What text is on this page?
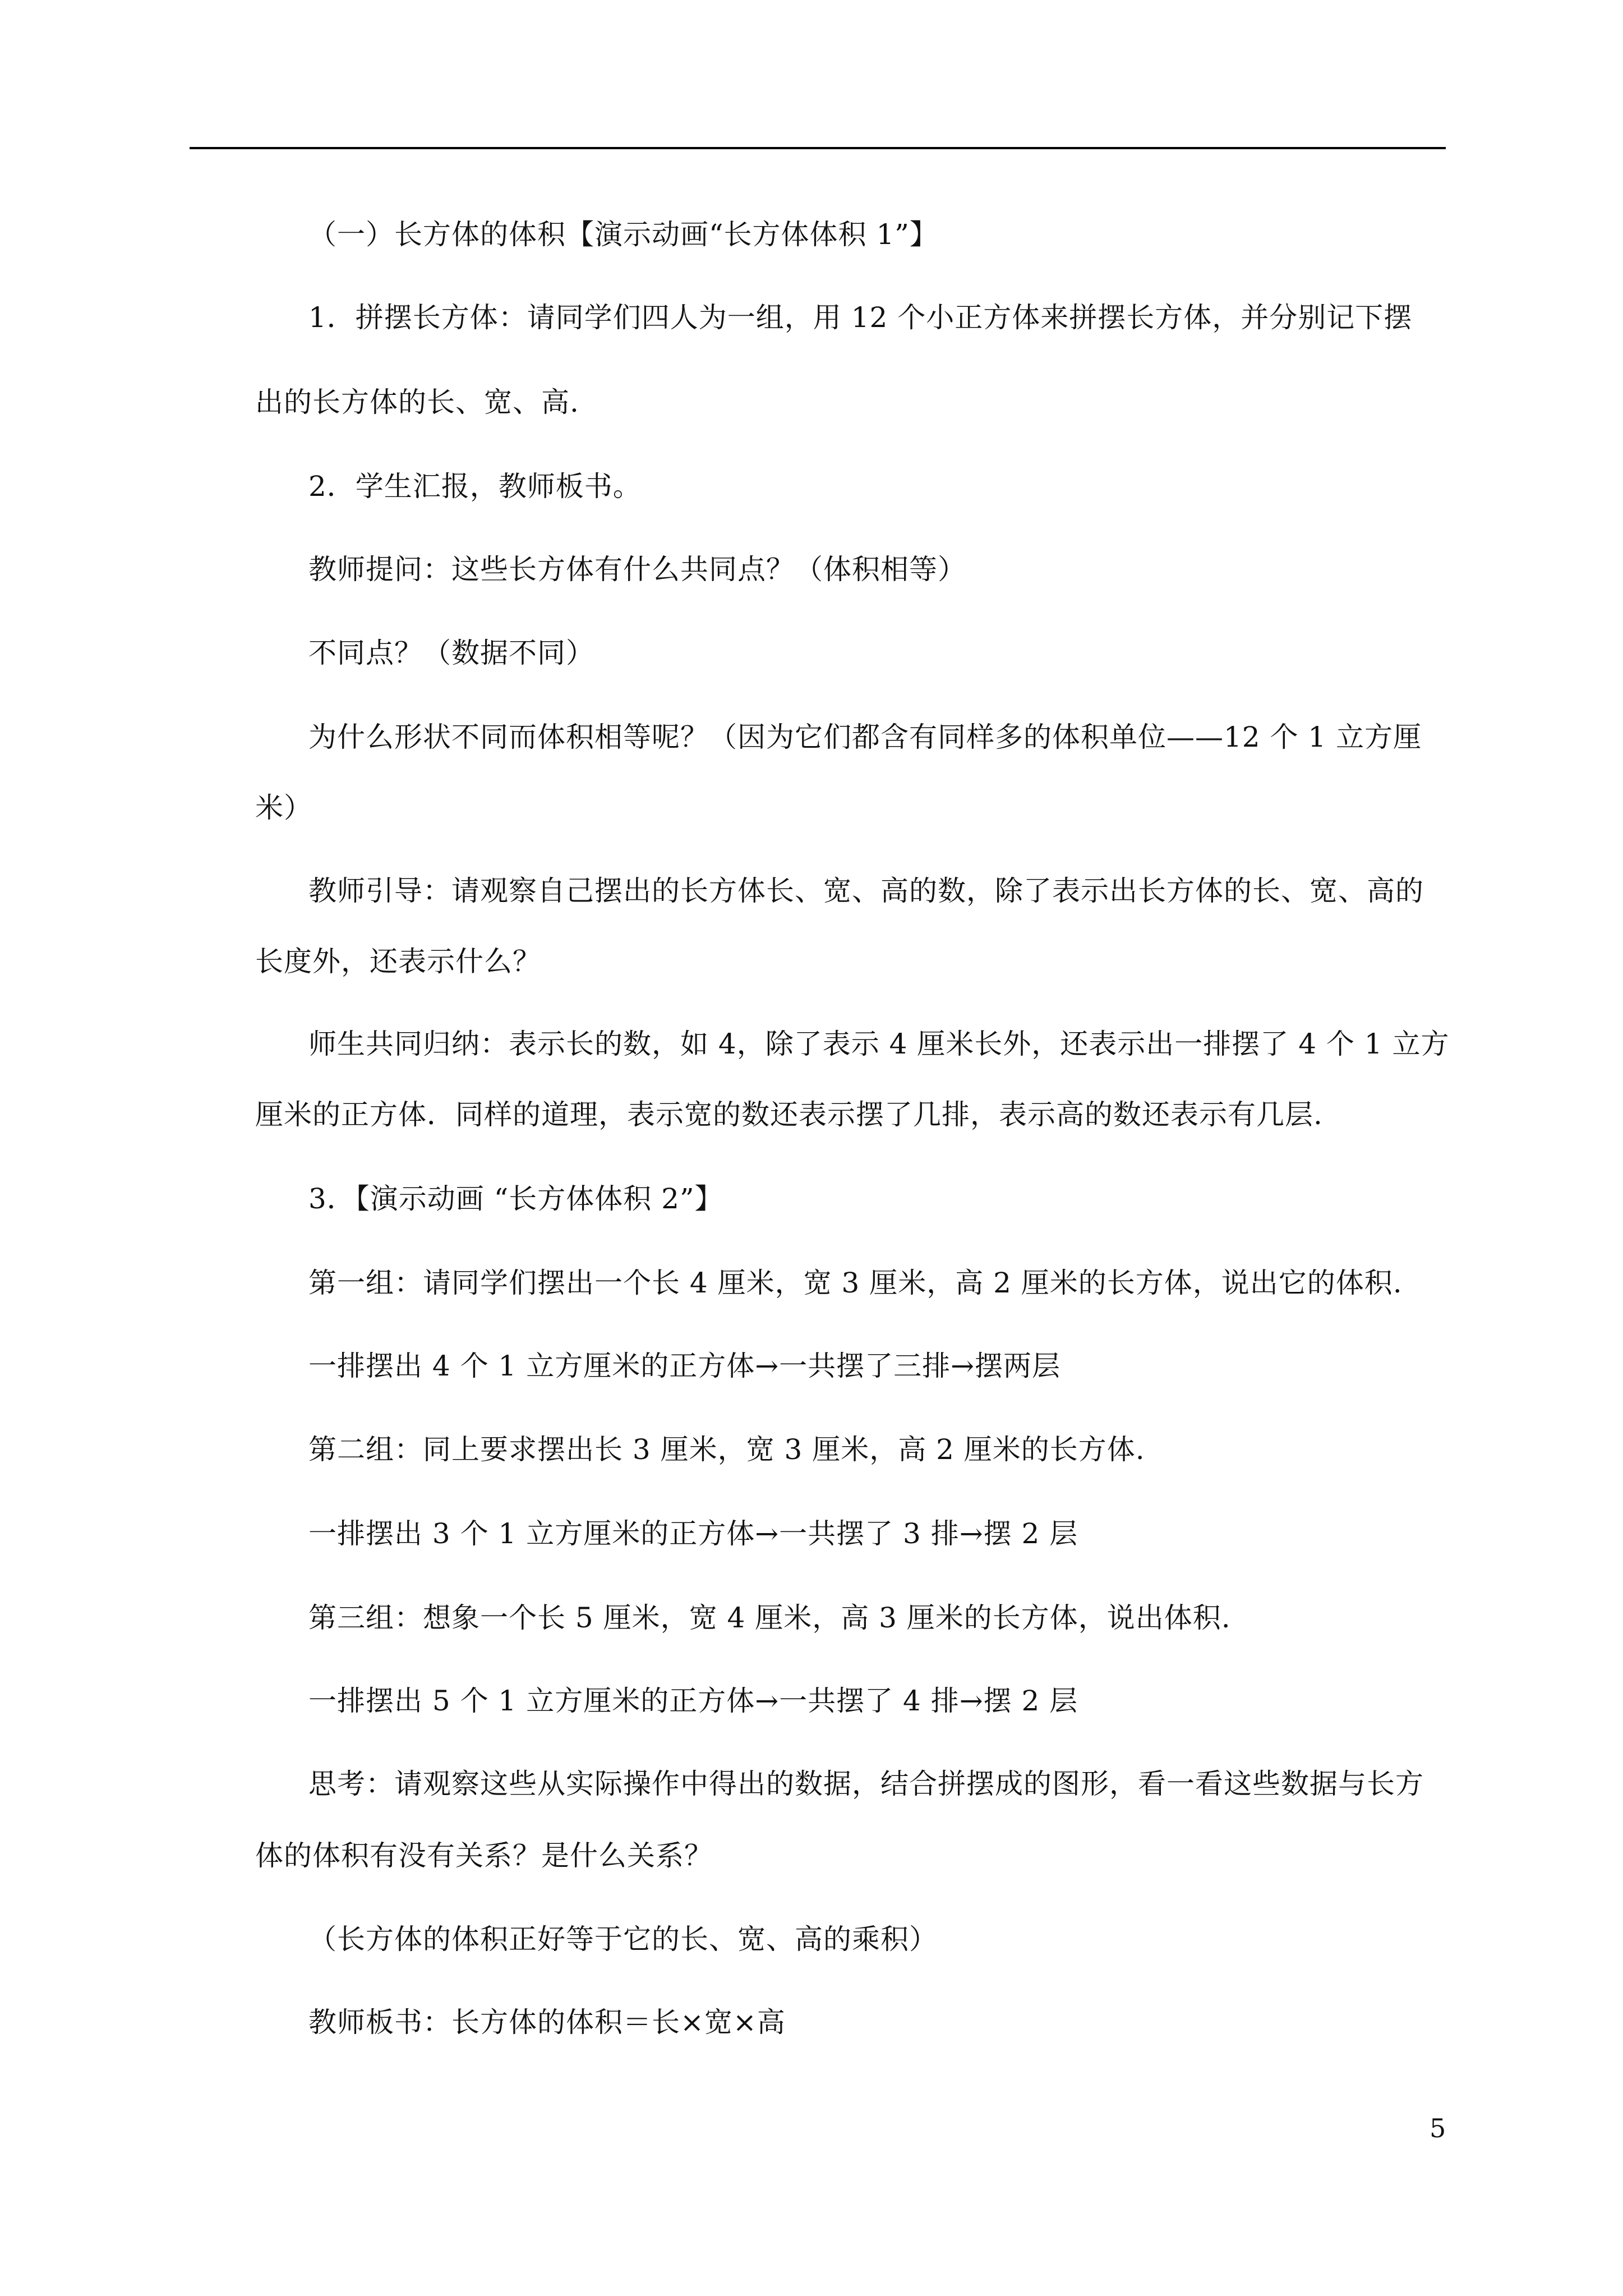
（一）长方体的体积【演示动画“长方体体积 1”】
1．拼摆长方体：请同学们四人为一组，用 12 个小正方体来拼摆长方体，并分别记下摆
出的长方体的长、宽、高.
2．学生汇报，教师板书。
教师提问：这些长方体有什么共同点？（体积相等）
不同点？（数据不同）
为什么形状不同而体积相等呢？（因为它们都含有同样多的体积单位——12 个 1 立方厘
米）
教师引导：请观察自己摆出的长方体长、宽、高的数，除了表示出长方体的长、宽、高的
长度外，还表示什么？
师生共同归纳：表示长的数，如 4，除了表示 4 厘米长外，还表示出一排摆了 4 个 1 立方
厘米的正方体．同样的道理，表示宽的数还表示摆了几排，表示高的数还表示有几层.
3．【演示动画 “长方体体积 2”】
第一组：请同学们摆出一个长 4 厘米，宽 3 厘米，高 2 厘米的长方体，说出它的体积.
一排摆出 4 个 1 立方厘米的正方体→一共摆了三排→摆两层
第二组：同上要求摆出长 3 厘米，宽 3 厘米，高 2 厘米的长方体.
一排摆出 3 个 1 立方厘米的正方体→一共摆了 3 排→摆 2 层
第三组：想象一个长 5 厘米，宽 4 厘米，高 3 厘米的长方体，说出体积.
一排摆出 5 个 1 立方厘米的正方体→一共摆了 4 排→摆 2 层
思考：请观察这些从实际操作中得出的数据，结合拼摆成的图形，看一看这些数据与长方
体的体积有没有关系？是什么关系？
（长方体的体积正好等于它的长、宽、高的乘积）
教师板书：长方体的体积＝长×宽×高
5
